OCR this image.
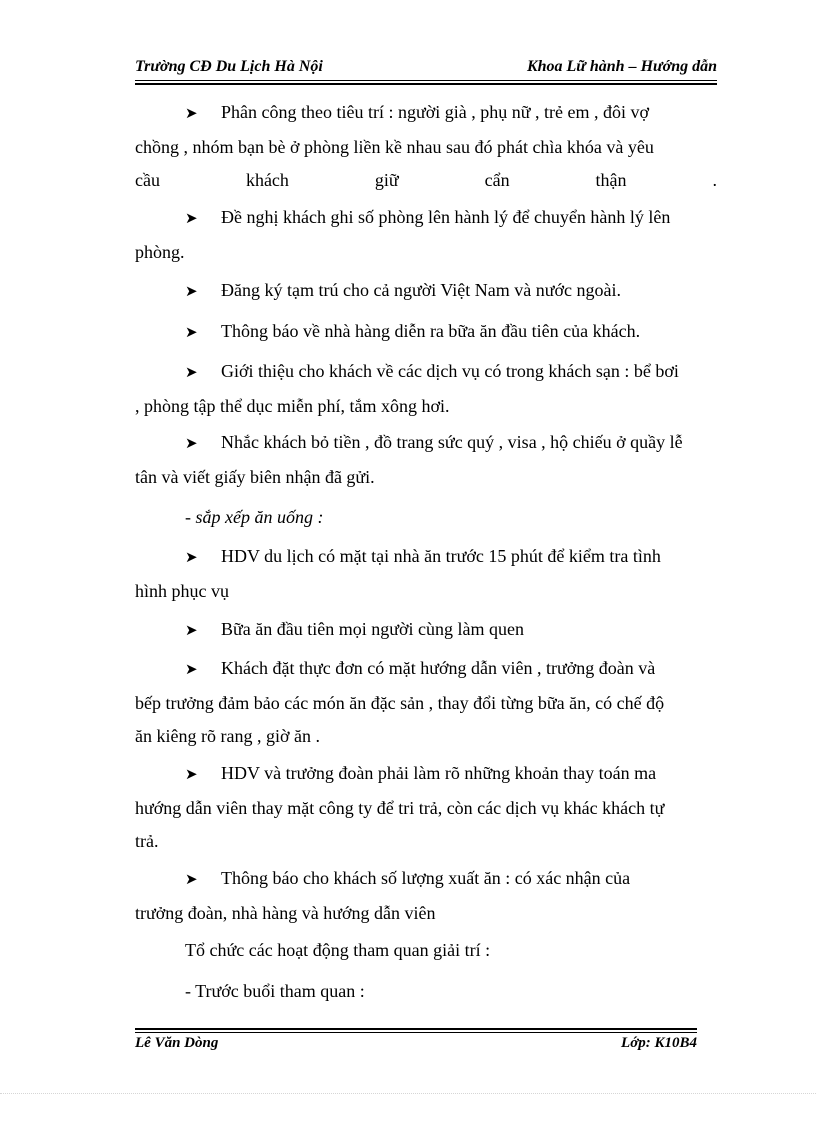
Trường CĐ Du Lịch Hà Nội	Khoa Lữ hành – Hướng dẫn
➤ Phân công theo tiêu trí : người già , phụ nữ , trẻ em , đôi vợ
chồng , nhóm bạn bè ở phòng liền kề nhau sau đó phát chìa khóa và yêu
cầu	khách	giữ	cẩn	thận	.
➤ Đề nghị khách ghi số phòng lên hành lý để chuyển hành lý lên
phòng.
➤ Đăng ký tạm trú cho cả người Việt Nam và nước ngoài.
➤ Thông báo về nhà hàng diễn ra bữa ăn đầu tiên của khách.
➤ Giới thiệu cho khách về các dịch vụ có trong khách sạn : bể bơi
, phòng tập thể dục miễn phí, tắm xông hơi.
➤ Nhắc khách bỏ tiền , đồ trang sức quý , visa , hộ chiếu ở quầy lễ
tân và viết giấy biên nhận đã gửi.
- sắp xếp ăn uống :
➤ HDV du lịch có mặt tại nhà ăn trước 15 phút để kiểm tra tình
hình phục vụ
➤ Bữa ăn đầu tiên mọi người cùng làm quen
➤ Khách đặt thực đơn có mặt hướng dẫn viên , trưởng đoàn và
bếp trưởng đảm bảo các món ăn đặc sản , thay đổi từng bữa ăn, có chế độ
ăn kiêng rõ rang , giờ ăn .
➤ HDV và trưởng đoàn phải làm rõ những khoản thay toán ma
hướng dẫn viên thay mặt công ty để tri trả, còn các dịch vụ khác khách tự
trả.
➤ Thông báo cho khách số lượng xuất ăn : có xác nhận của
trưởng đoàn, nhà hàng và hướng dẫn viên
Tổ chức các hoạt động tham quan giải trí :
- Trước buổi tham quan :
Lê Văn Dòng	Lớp: K10B4
